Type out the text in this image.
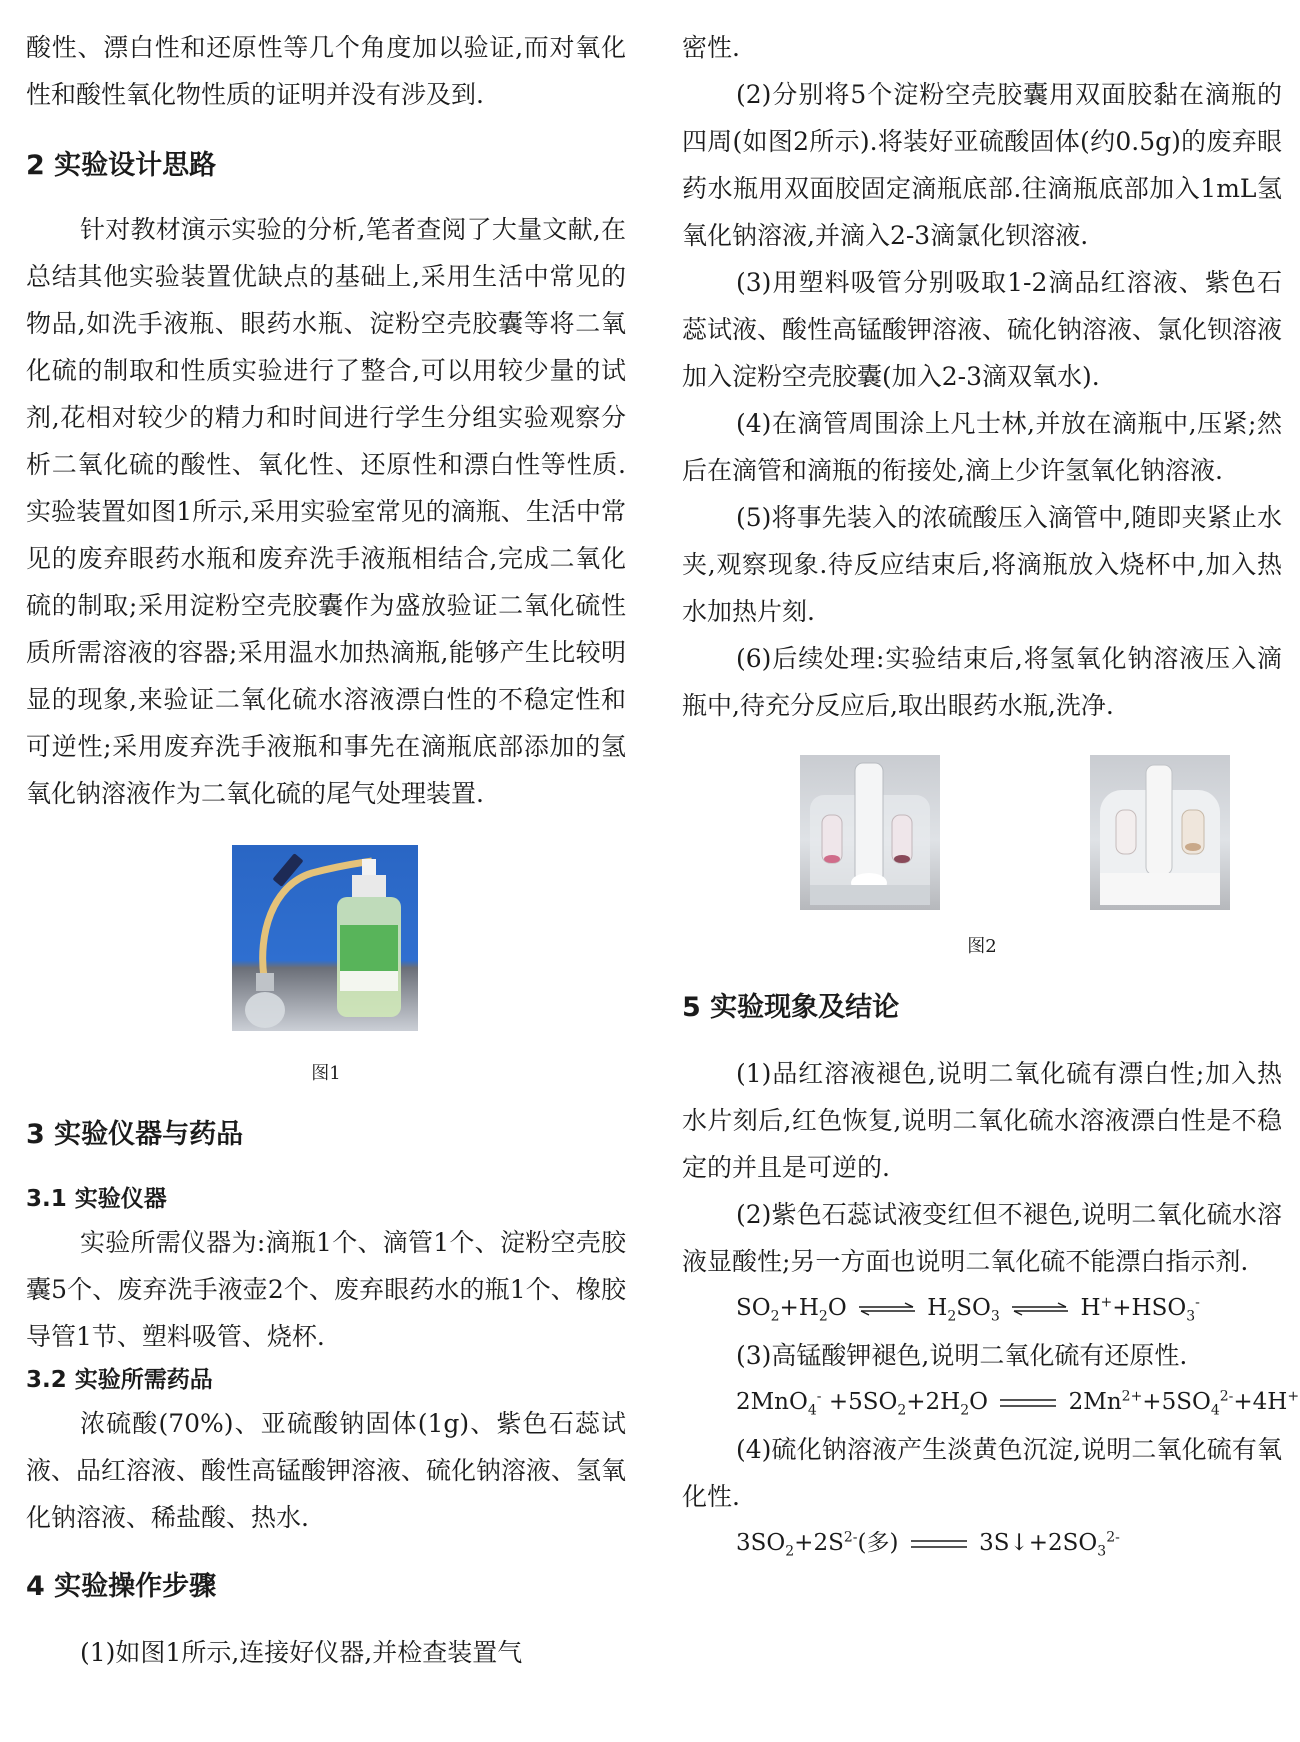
酸性、漂白性和还原性等几个角度加以验证,而对氧化性和酸性氧化物性质的证明并没有涉及到.

2 实验设计思路

针对教材演示实验的分析,笔者查阅了大量文献,在总结其他实验装置优缺点的基础上,采用生活中常见的物品,如洗手液瓶、眼药水瓶、淀粉空壳胶囊等将二氧化硫的制取和性质实验进行了整合,可以用较少量的试剂,花相对较少的精力和时间进行学生分组实验观察分析二氧化硫的酸性、氧化性、还原性和漂白性等性质.实验装置如图1所示,采用实验室常见的滴瓶、生活中常见的废弃眼药水瓶和废弃洗手液瓶相结合,完成二氧化硫的制取;采用淀粉空壳胶囊作为盛放验证二氧化硫性质所需溶液的容器;采用温水加热滴瓶,能够产生比较明显的现象,来验证二氧化硫水溶液漂白性的不稳定性和可逆性;采用废弃洗手液瓶和事先在滴瓶底部添加的氢氧化钠溶液作为二氧化硫的尾气处理装置.

图1
3 实验仪器与药品
3.1 实验仪器

实验所需仪器为:滴瓶1个、滴管1个、淀粉空壳胶囊5个、废弃洗手液壶2个、废弃眼药水的瓶1个、橡胶导管1节、塑料吸管、烧杯.

3.2 实验所需药品

浓硫酸(70%)、亚硫酸钠固体(1g)、紫色石蕊试液、品红溶液、酸性高锰酸钾溶液、硫化钠溶液、氢氧化钠溶液、稀盐酸、热水.

4 实验操作步骤

(1)如图1所示,连接好仪器,并检查装置气

密性.

(2)分别将5个淀粉空壳胶囊用双面胶黏在滴瓶的四周(如图2所示).将装好亚硫酸固体(约0.5g)的废弃眼药水瓶用双面胶固定滴瓶底部.往滴瓶底部加入1mL氢氧化钠溶液,并滴入2-3滴氯化钡溶液.

(3)用塑料吸管分别吸取1-2滴品红溶液、紫色石蕊试液、酸性高锰酸钾溶液、硫化钠溶液、氯化钡溶液加入淀粉空壳胶囊(加入2-3滴双氧水).

(4)在滴管周围涂上凡士林,并放在滴瓶中,压紧;然后在滴管和滴瓶的衔接处,滴上少许氢氧化钠溶液.

(5)将事先装入的浓硫酸压入滴管中,随即夹紧止水夹,观察现象.待反应结束后,将滴瓶放入烧杯中,加入热水加热片刻.

(6)后续处理:实验结束后,将氢氧化钠溶液压入滴瓶中,待充分反应后,取出眼药水瓶,洗净.

图2
5 实验现象及结论

(1)品红溶液褪色,说明二氧化硫有漂白性;加入热水片刻后,红色恢复,说明二氧化硫水溶液漂白性是不稳定的并且是可逆的.

(2)紫色石蕊试液变红但不褪色,说明二氧化硫水溶液显酸性;另一方面也说明二氧化硫不能漂白指示剂.

$SO_2+H_2O$ ⇌ $H_2SO_3$ ⇌ $H^++HSO_3^-$

(3)高锰酸钾褪色,说明二氧化硫有还原性.

$2MnO_4^- +5SO_2+2H_2O$	$2Mn^{2+}+5SO_4^{2-}+4H^+$

(4)硫化钠溶液产生淡黄色沉淀,说明二氧化硫有氧化性.

$3SO_2+2S^{2-}$(多)	$3S↓+2SO_3^{2-}$
